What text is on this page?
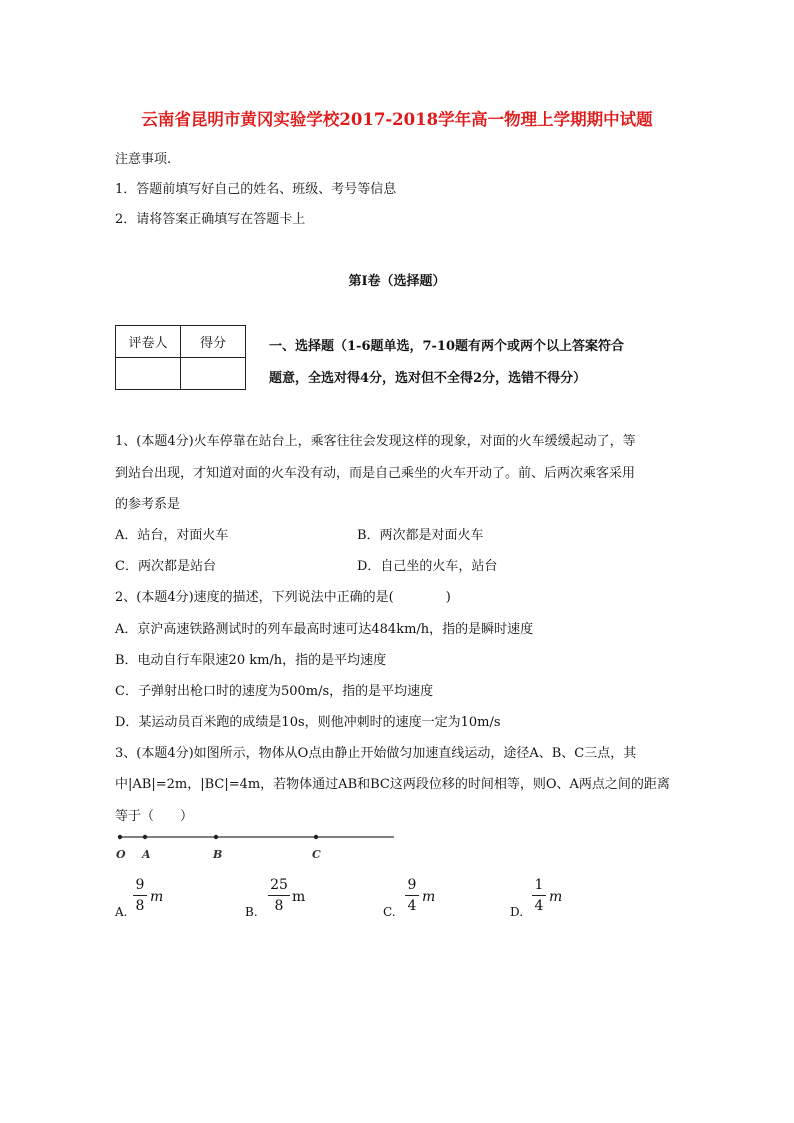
云南省昆明市黄冈实验学校2017-2018学年高一物理上学期期中试题
注意事项.
1．答题前填写好自己的姓名、班级、考号等信息
2．请将答案正确填写在答题卡上
第I卷（选择题）
评卷人	得分
		一、选择题（1-6题单选，7-10题有两个或两个以上答案符合
题意，全选对得4分，选对但不全得2分，选错不得分）
1、(本题4分)火车停靠在站台上，乘客往往会发现这样的现象，对面的火车缓缓起动了，等
到站台出现，才知道对面的火车没有动，而是自己乘坐的火车开动了。前、后两次乘客采用
的参考系是
A．站台，对面火车	B．两次都是对面火车
C．两次都是站台	D．自己坐的火车，站台
2、(本题4分)速度的描述，下列说法中正确的是(　　　　)
A．京沪高速铁路测试时的列车最高时速可达484km/h，指的是瞬时速度
B．电动自行车限速20 km/h，指的是平均速度
C．子弹射出枪口时的速度为500m/s，指的是平均速度
D．某运动员百米跑的成绩是10s，则他冲刺时的速度一定为10m/s
3、(本题4分)如图所示，物体从O点由静止开始做匀加速直线运动，途径A、B、C三点，其
中|AB|=2m，|BC|=4m，若物体通过AB和BC这两段位移的时间相等，则O、A两点之间的距离
等于（　　）
O A	B	C
A.
9
8
m
B.
25
8
m
C.
9
4
m
D.
1
4
m
